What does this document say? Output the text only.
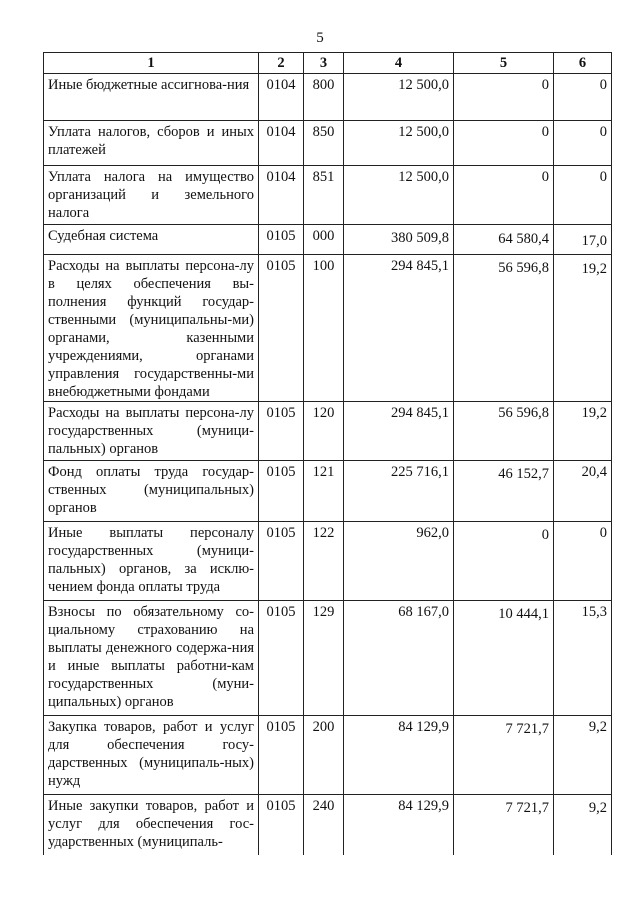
5
1	2	3	4	5	6
Иные бюджетные ассигнова-ния	0104	800	12 500,0	0	0
Уплата налогов, сборов и иных платежей	0104	850	12 500,0	0	0
Уплата налога на имущество организаций и земельного налога	0104	851	12 500,0	0	0
Судебная система	0105	000	380 509,8	64 580,4	17,0
Расходы на выплаты персона-лу в целях обеспечения вы-полнения функций государ-ственными (муниципальны-ми) органами, казенными учреждениями, органами управления государственны-ми внебюджетными фондами	0105	100	294 845,1	56 596,8	19,2
Расходы на выплаты персона-лу государственных (муници-пальных) органов	0105	120	294 845,1	56 596,8	19,2
Фонд оплаты труда государ-ственных (муниципальных) органов	0105	121	225 716,1	46 152,7	20,4
Иные выплаты персоналу государственных (муници-пальных) органов, за исклю-чением фонда оплаты труда	0105	122	962,0	0	0
Взносы по обязательному со-циальному страхованию на выплаты денежного содержа-ния и иные выплаты работни-кам государственных (муни-ципальных) органов	0105	129	68 167,0	10 444,1	15,3
Закупка товаров, работ и услуг для обеспечения госу-дарственных (муниципаль-ных) нужд	0105	200	84 129,9	7 721,7	9,2
Иные закупки товаров, работ и услуг для обеспечения гос-ударственных (муниципаль-	0105	240	84 129,9	7 721,7	9,2
